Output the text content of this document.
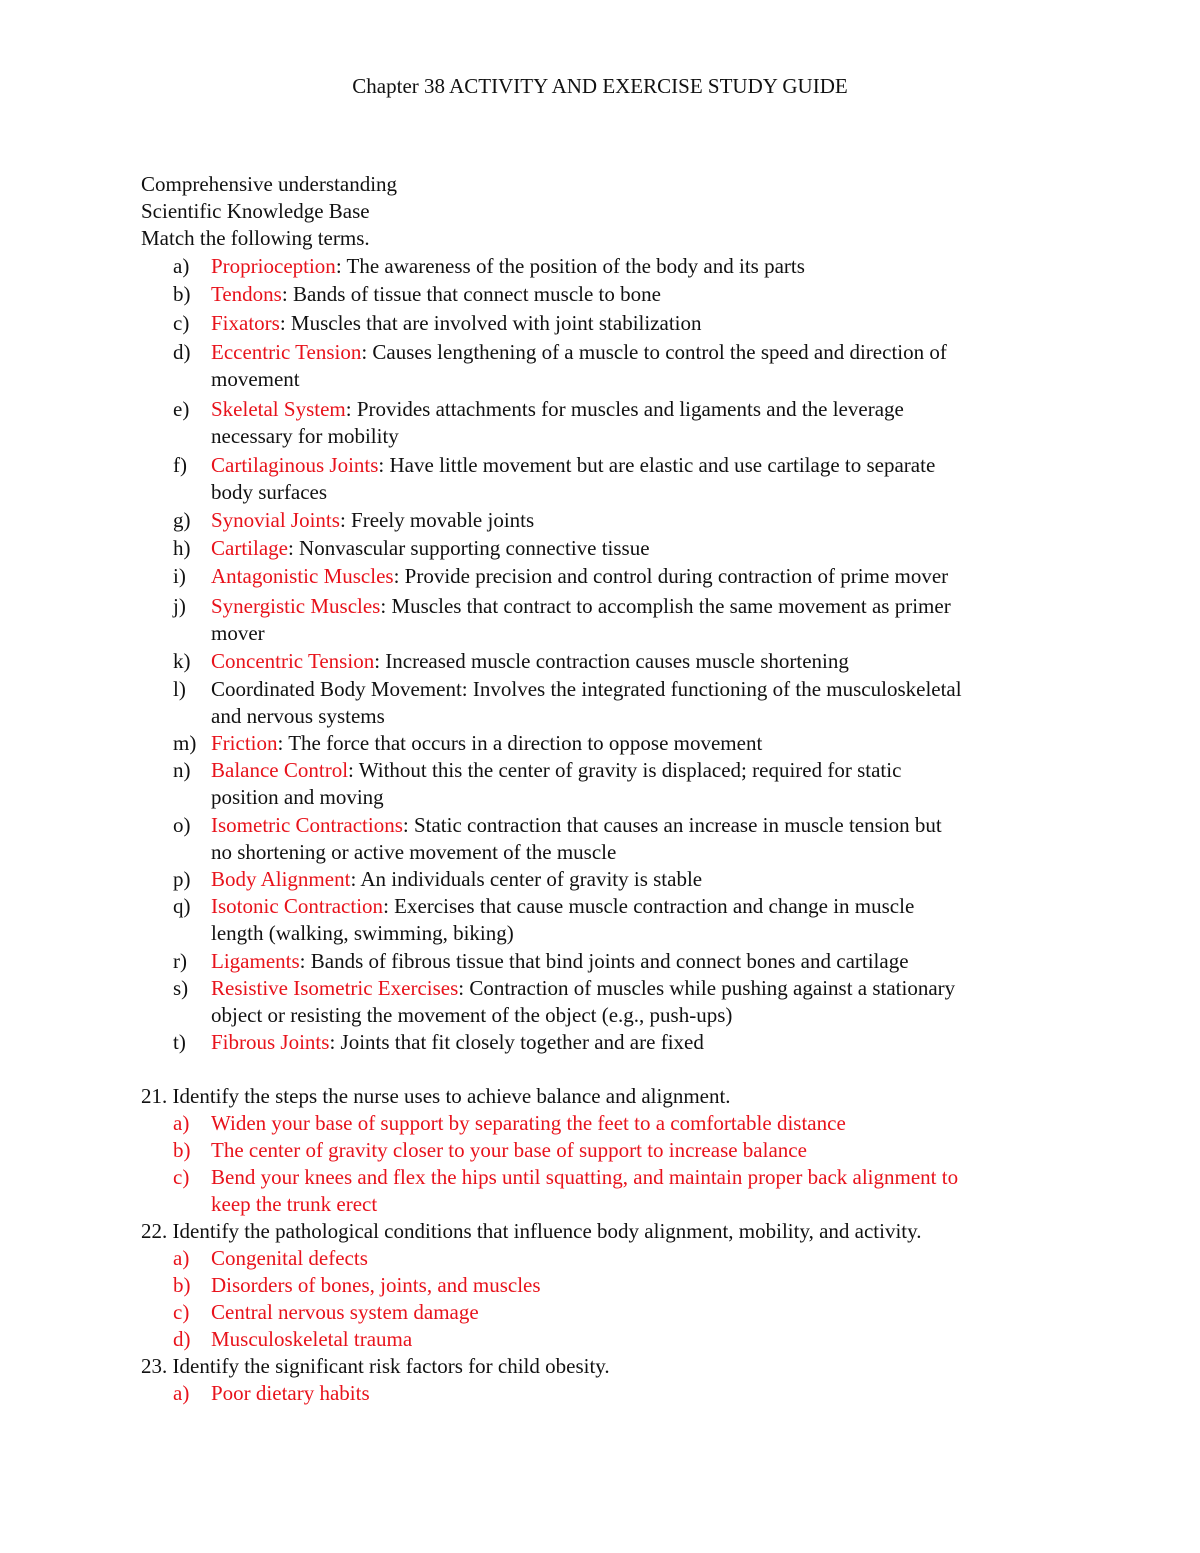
Chapter 38 ACTIVITY AND EXERCISE STUDY GUIDE
Comprehensive understanding
Scientific Knowledge Base
Match the following terms.
a) Proprioception: The awareness of the position of the body and its parts
b) Tendons: Bands of tissue that connect muscle to bone
c) Fixators: Muscles that are involved with joint stabilization
d) Eccentric Tension: Causes lengthening of a muscle to control the speed and direction of
movement
e) Skeletal System: Provides attachments for muscles and ligaments and the leverage
necessary for mobility
f) Cartilaginous Joints: Have little movement but are elastic and use cartilage to separate
body surfaces
g) Synovial Joints: Freely movable joints
h) Cartilage: Nonvascular supporting connective tissue
i) Antagonistic Muscles: Provide precision and control during contraction of prime mover
j) Synergistic Muscles: Muscles that contract to accomplish the same movement as primer
mover
k) Concentric Tension: Increased muscle contraction causes muscle shortening
l) Coordinated Body Movement: Involves the integrated functioning of the musculoskeletal
and nervous systems
m) Friction: The force that occurs in a direction to oppose movement
n) Balance Control: Without this the center of gravity is displaced; required for static
position and moving
o) Isometric Contractions: Static contraction that causes an increase in muscle tension but
no shortening or active movement of the muscle
p) Body Alignment: An individuals center of gravity is stable
q) Isotonic Contraction: Exercises that cause muscle contraction and change in muscle
length (walking, swimming, biking)
r) Ligaments: Bands of fibrous tissue that bind joints and connect bones and cartilage
s) Resistive Isometric Exercises: Contraction of muscles while pushing against a stationary
object or resisting the movement of the object (e.g., push-ups)
t) Fibrous Joints: Joints that fit closely together and are fixed
21. Identify the steps the nurse uses to achieve balance and alignment.
a) Widen your base of support by separating the feet to a comfortable distance
b) The center of gravity closer to your base of support to increase balance
c) Bend your knees and flex the hips until squatting, and maintain proper back alignment to
keep the trunk erect
22. Identify the pathological conditions that influence body alignment, mobility, and activity.
a) Congenital defects
b) Disorders of bones, joints, and muscles
c) Central nervous system damage
d) Musculoskeletal trauma
23. Identify the significant risk factors for child obesity.
a) Poor dietary habits
